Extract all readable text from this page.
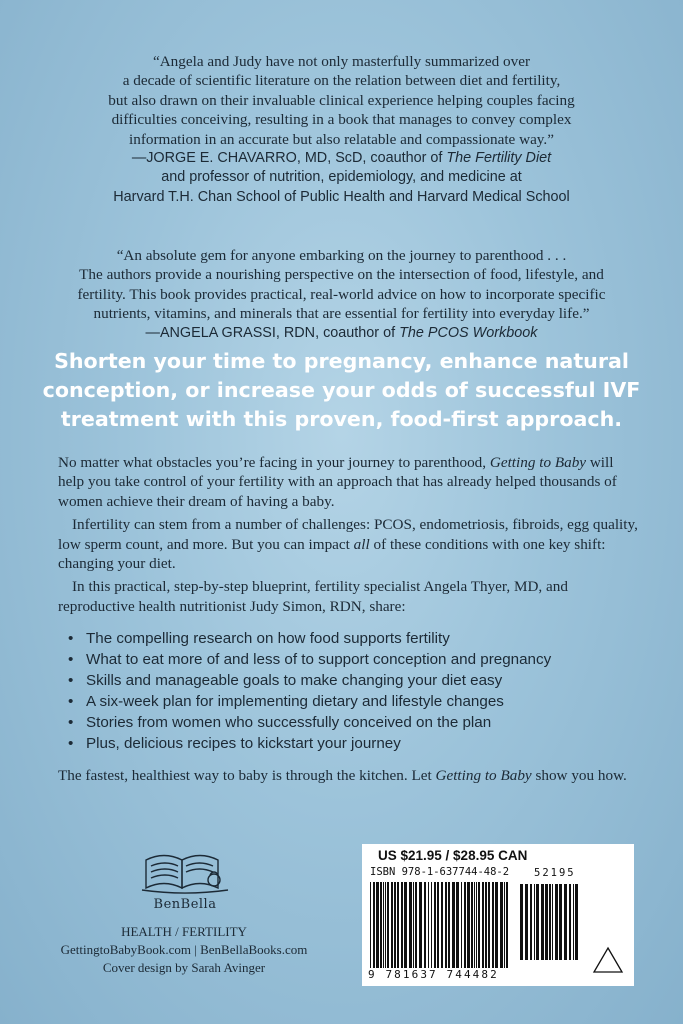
“Angela and Judy have not only masterfully summarized over
a decade of scientific literature on the relation between diet and fertility,
but also drawn on their invaluable clinical experience helping couples facing
difficulties conceiving, resulting in a book that manages to convey complex
information in an accurate but also relatable and compassionate way.”
—JORGE E. CHAVARRO, MD, ScD, coauthor of The Fertility Diet
and professor of nutrition, epidemiology, and medicine at
Harvard T.H. Chan School of Public Health and Harvard Medical School
“An absolute gem for anyone embarking on the journey to parenthood . . .
The authors provide a nourishing perspective on the intersection of food, lifestyle, and
fertility. This book provides practical, real-world advice on how to incorporate specific
nutrients, vitamins, and minerals that are essential for fertility into everyday life.”
—ANGELA GRASSI, RDN, coauthor of The PCOS Workbook
Shorten your time to pregnancy, enhance natural
conception, or increase your odds of successful IVF
treatment with this proven, food-first approach.

No matter what obstacles you’re facing in your journey to parenthood, Getting to Baby will help you take control of your fertility with an approach that has already helped thousands of women achieve their dream of having a baby.

Infertility can stem from a number of challenges: PCOS, endometriosis, fibroids, egg quality, low sperm count, and more. But you can impact all of these conditions with one key shift: changing your diet.

In this practical, step-by-step blueprint, fertility specialist Angela Thyer, MD, and reproductive health nutritionist Judy Simon, RDN, share:

• The compelling research on how food supports fertility
• What to eat more of and less of to support conception and pregnancy
• Skills and manageable goals to make changing your diet easy
• A six-week plan for implementing dietary and lifestyle changes
• Stories from women who successfully conceived on the plan
• Plus, delicious recipes to kickstart your journey

The fastest, healthiest way to baby is through the kitchen. Let Getting to Baby show you how.

BenBella
HEALTH / FERTILITY
GettingtoBabyBook.com | BenBellaBooks.com
Cover design by Sarah Avinger
US $21.95 / $28.95 CAN
ISBN 978-1-637744-48-2 52195
9 781637 744482
